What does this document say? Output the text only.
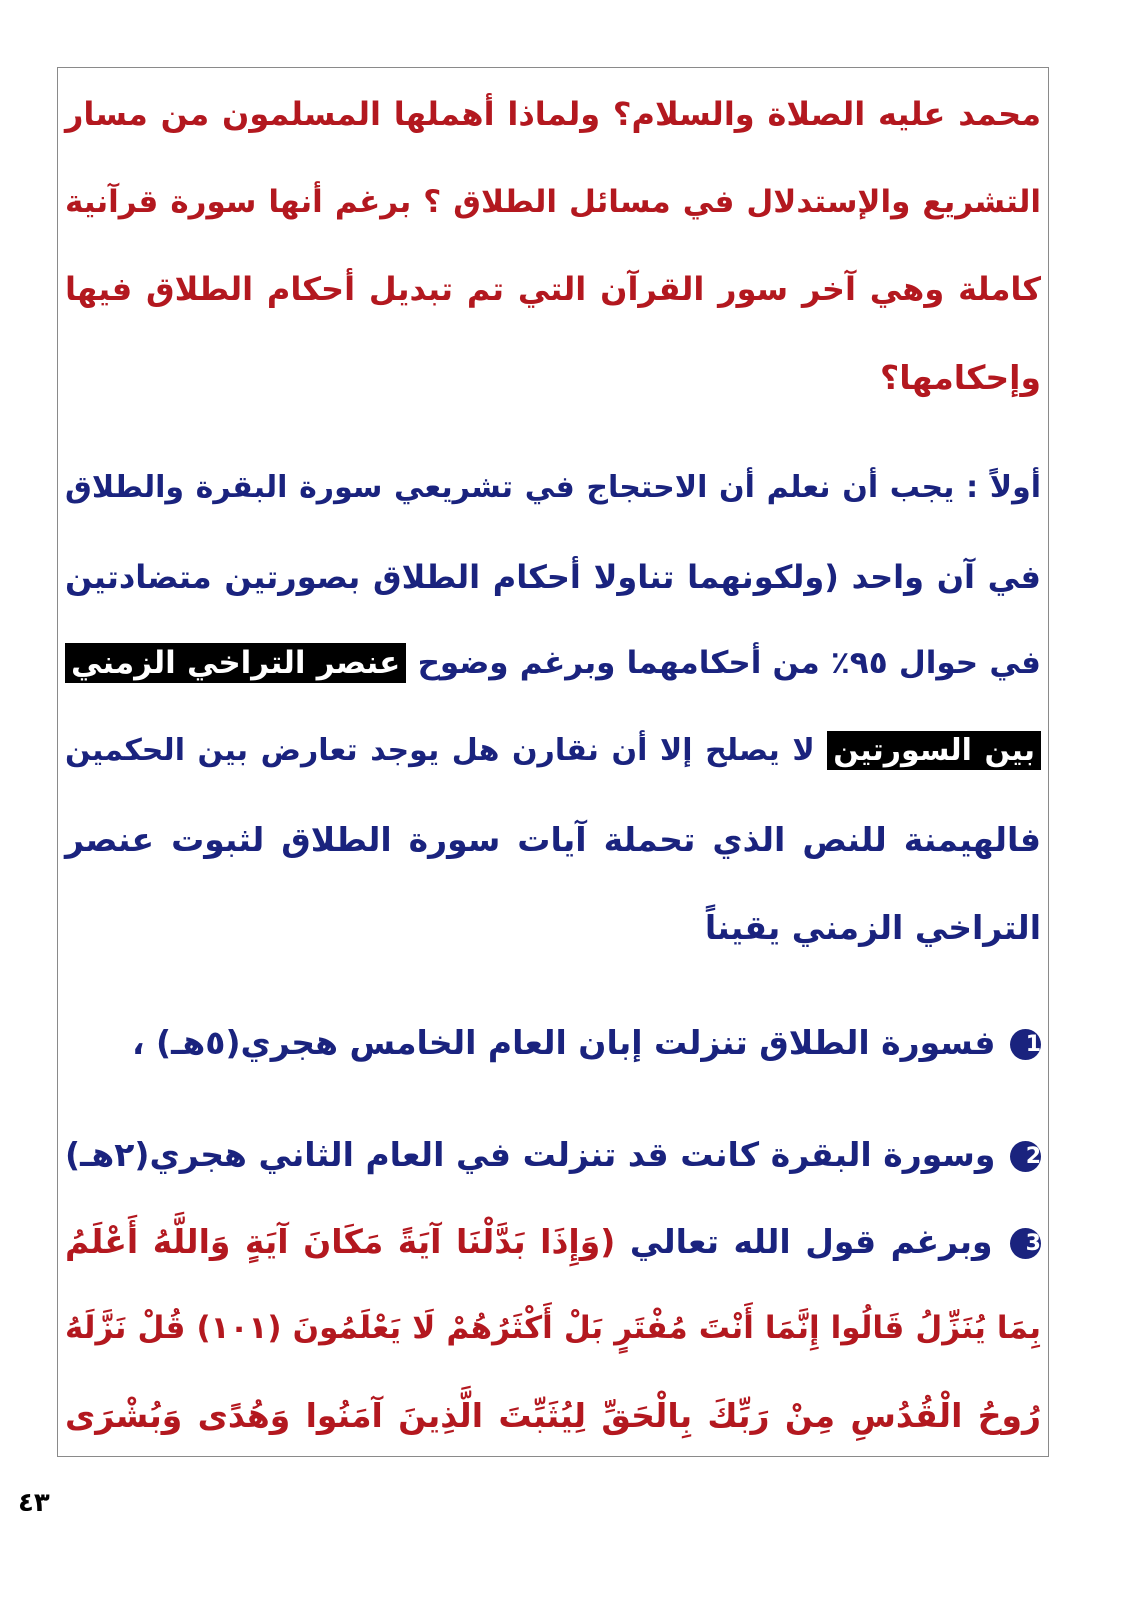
محمد عليه الصلاة والسلام؟ ولماذا أهملها المسلمون من مسار
التشريع والإستدلال في مسائل الطلاق ؟ برغم أنها سورة قرآنية
كاملة وهي آخر سور القرآن التي تم تبديل أحكام الطلاق فيها
وإحكامها؟
أولاً : يجب أن نعلم أن الاحتجاج في تشريعي سورة البقرة والطلاق
في آن واحد (ولكونهما تناولا أحكام الطلاق بصورتين متضادتين
في حوال ٩٥٪ من أحكامهما وبرغم وضوح عنصر التراخي الزمني
بين السورتين لا يصلح إلا أن نقارن هل يوجد تعارض بين الحكمين
فالهيمنة للنص الذي تحملة آيات سورة الطلاق لثبوت عنصر
التراخي الزمني يقيناً
1 فسورة الطلاق تنزلت إبان العام الخامس هجري(٥هـ) ،
2 وسورة البقرة كانت قد تنزلت في العام الثاني هجري(٢هـ)
3 وبرغم قول الله تعالي (وَإِذَا بَدَّلْنَا آيَةً مَكَانَ آيَةٍ وَاللَّهُ أَعْلَمُ
بِمَا يُنَزِّلُ قَالُوا إِنَّمَا أَنْتَ مُفْتَرٍ بَلْ أَكْثَرُهُمْ لَا يَعْلَمُونَ (١٠١) قُلْ نَزَّلَهُ
رُوحُ الْقُدُسِ مِنْ رَبِّكَ بِالْحَقِّ لِيُثَبِّتَ الَّذِينَ آمَنُوا وَهُدًى وَبُشْرَى
٤٣
